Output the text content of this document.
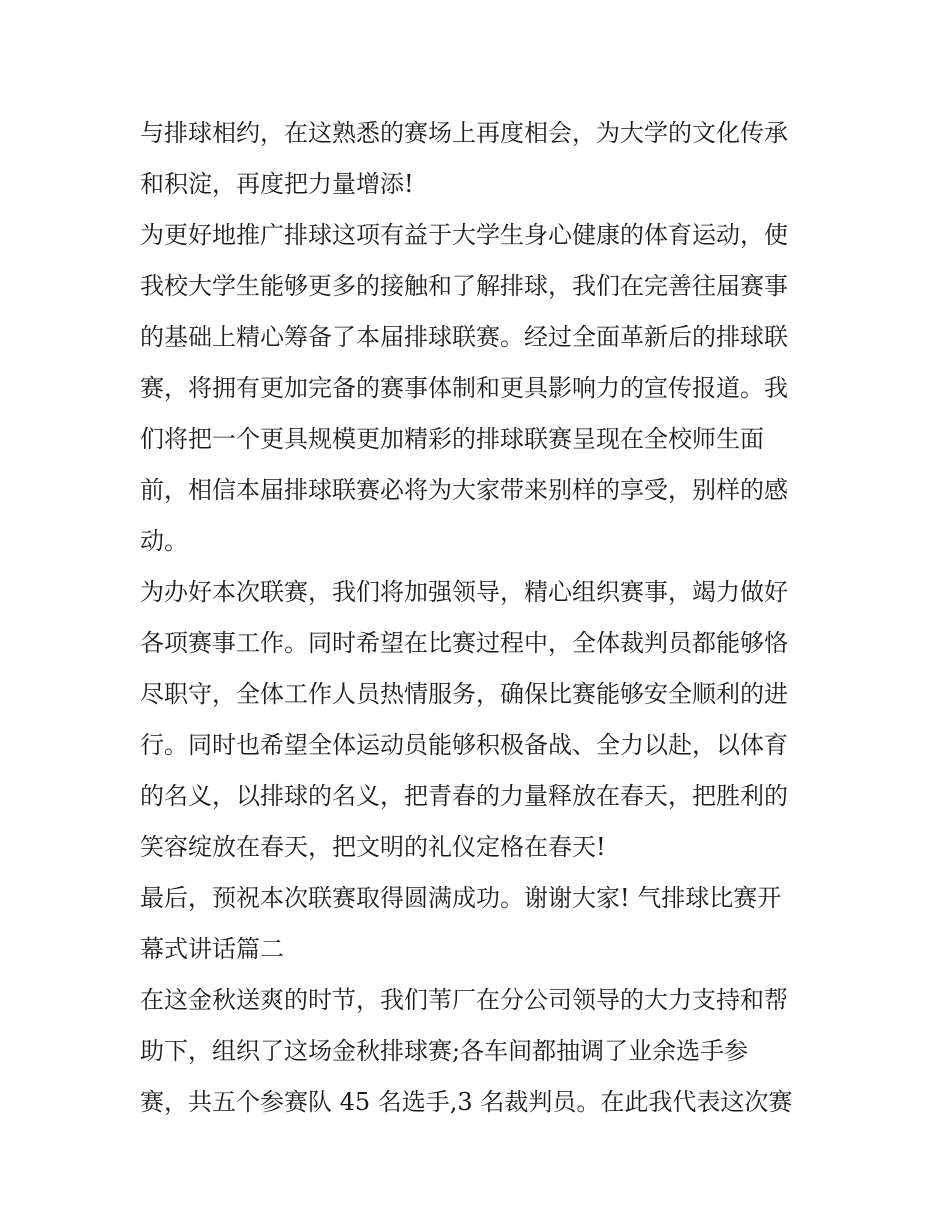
与排球相约，在这熟悉的赛场上再度相会，为大学的文化传承
和积淀，再度把力量增添!
为更好地推广排球这项有益于大学生身心健康的体育运动，使
我校大学生能够更多的接触和了解排球，我们在完善往届赛事
的基础上精心筹备了本届排球联赛。经过全面革新后的排球联
赛，将拥有更加完备的赛事体制和更具影响力的宣传报道。我
们将把一个更具规模更加精彩的排球联赛呈现在全校师生面
前，相信本届排球联赛必将为大家带来别样的享受，别样的感
动。
为办好本次联赛，我们将加强领导，精心组织赛事，竭力做好
各项赛事工作。同时希望在比赛过程中，全体裁判员都能够恪
尽职守，全体工作人员热情服务，确保比赛能够安全顺利的进
行。同时也希望全体运动员能够积极备战、全力以赴，以体育
的名义，以排球的名义，把青春的力量释放在春天，把胜利的
笑容绽放在春天，把文明的礼仪定格在春天!
最后，预祝本次联赛取得圆满成功。谢谢大家! 气排球比赛开
幕式讲话篇二
在这金秋送爽的时节，我们苇厂在分公司领导的大力支持和帮
助下，组织了这场金秋排球赛;各车间都抽调了业余选手参
赛，共五个参赛队 45 名选手,3 名裁判员。在此我代表这次赛
